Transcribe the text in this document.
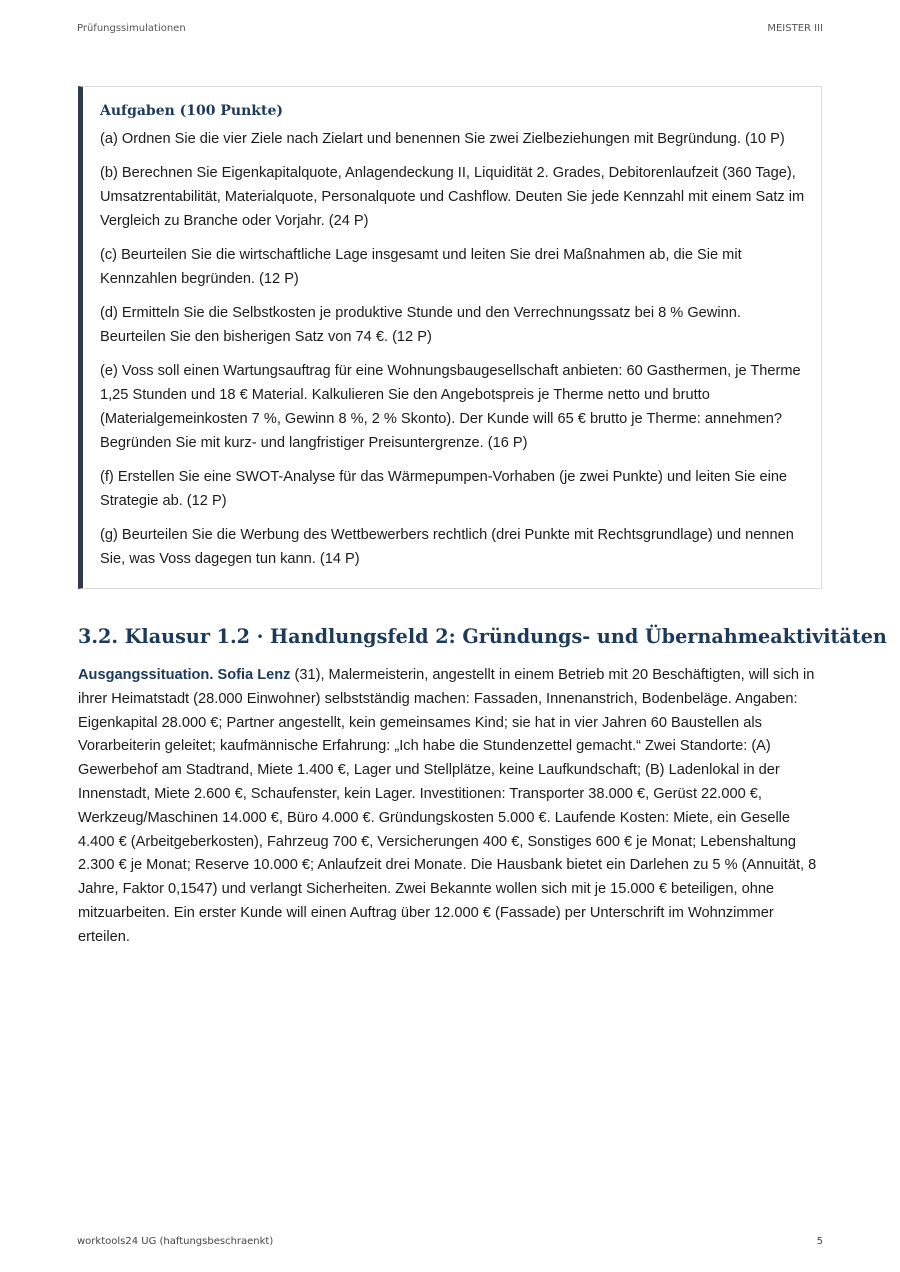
Prüfungssimulationen	MEISTER III

Aufgaben (100 Punkte)

(a) Ordnen Sie die vier Ziele nach Zielart und benennen Sie zwei Zielbeziehungen mit Begründung. (10 P)

(b) Berechnen Sie Eigenkapitalquote, Anlagendeckung II, Liquidität 2. Grades, Debitorenlaufzeit (360 Tage), Umsatzrentabilität, Materialquote, Personalquote und Cashflow. Deuten Sie jede Kennzahl mit einem Satz im Vergleich zu Branche oder Vorjahr. (24 P)

(c) Beurteilen Sie die wirtschaftliche Lage insgesamt und leiten Sie drei Maßnahmen ab, die Sie mit Kennzahlen begründen. (12 P)

(d) Ermitteln Sie die Selbstkosten je produktive Stunde und den Verrechnungssatz bei 8 % Gewinn. Beurteilen Sie den bisherigen Satz von 74 €. (12 P)

(e) Voss soll einen Wartungsauftrag für eine Wohnungsbaugesellschaft anbieten: 60 Gasthermen, je Therme 1,25 Stunden und 18 € Material. Kalkulieren Sie den Angebotspreis je Therme netto und brutto (Materialgemeinkosten 7 %, Gewinn 8 %, 2 % Skonto). Der Kunde will 65 € brutto je Therme: annehmen? Begründen Sie mit kurz- und langfristiger Preisuntergrenze. (16 P)

(f) Erstellen Sie eine SWOT-Analyse für das Wärmepumpen-Vorhaben (je zwei Punkte) und leiten Sie eine Strategie ab. (12 P)

(g) Beurteilen Sie die Werbung des Wettbewerbers rechtlich (drei Punkte mit Rechtsgrundlage) und nennen Sie, was Voss dagegen tun kann. (14 P)

3.2. Klausur 1.2 · Handlungsfeld 2: Gründungs- und Übernahmeaktivitäten

Ausgangssituation. Sofia Lenz (31), Malermeisterin, angestellt in einem Betrieb mit 20 Beschäftigten, will sich in ihrer Heimatstadt (28.000 Einwohner) selbstständig machen: Fassaden, Innenanstrich, Bodenbeläge. Angaben: Eigenkapital 28.000 €; Partner angestellt, kein gemeinsames Kind; sie hat in vier Jahren 60 Baustellen als Vorarbeiterin geleitet; kaufmännische Erfahrung: „Ich habe die Stundenzettel gemacht.“ Zwei Standorte: (A) Gewerbehof am Stadtrand, Miete 1.400 €, Lager und Stellplätze, keine Laufkundschaft; (B) Ladenlokal in der Innenstadt, Miete 2.600 €, Schaufenster, kein Lager. Investitionen: Transporter 38.000 €, Gerüst 22.000 €, Werkzeug/Maschinen 14.000 €, Büro 4.000 €. Gründungskosten 5.000 €. Laufende Kosten: Miete, ein Geselle 4.400 € (Arbeitgeberkosten), Fahrzeug 700 €, Versicherungen 400 €, Sonstiges 600 € je Monat; Lebenshaltung 2.300 € je Monat; Reserve 10.000 €; Anlaufzeit drei Monate. Die Hausbank bietet ein Darlehen zu 5 % (Annuität, 8 Jahre, Faktor 0,1547) und verlangt Sicherheiten. Zwei Bekannte wollen sich mit je 15.000 € beteiligen, ohne mitzuarbeiten. Ein erster Kunde will einen Auftrag über 12.000 € (Fassade) per Unterschrift im Wohnzimmer erteilen.

worktools24 UG (haftungsbeschraenkt)	5
